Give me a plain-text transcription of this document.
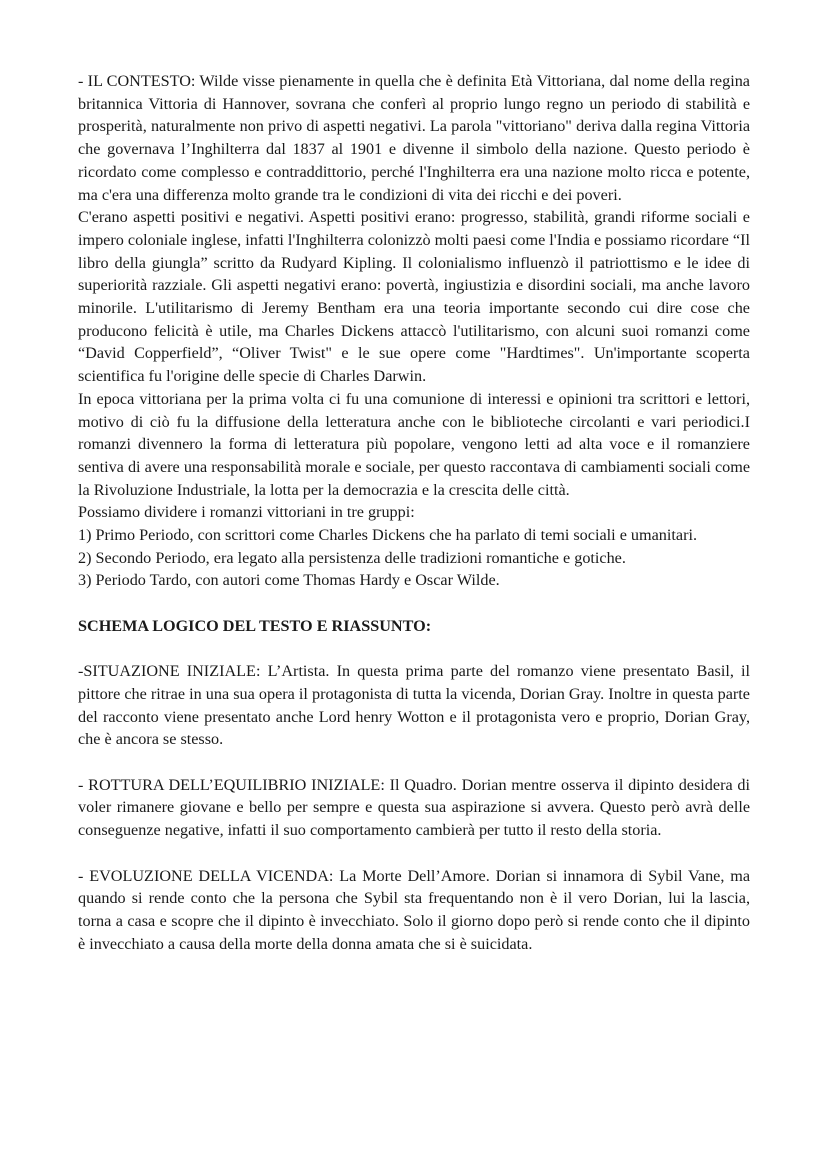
- IL CONTESTO: Wilde visse pienamente in quella che è definita Età Vittoriana, dal nome della regina britannica Vittoria di Hannover, sovrana che conferì al proprio lungo regno un periodo di stabilità e prosperità, naturalmente non privo di aspetti negativi. La parola "vittoriano" deriva dalla regina Vittoria che governava l’Inghilterra dal 1837 al 1901 e divenne il simbolo della nazione. Questo periodo è ricordato come complesso e contraddittorio, perché l'Inghilterra era una nazione molto ricca e potente, ma c'era una differenza molto grande tra le condizioni di vita dei ricchi e dei poveri.

C'erano aspetti positivi e negativi. Aspetti positivi erano: progresso, stabilità, grandi riforme sociali e impero coloniale inglese, infatti l'Inghilterra colonizzò molti paesi come l'India e possiamo ricordare “Il libro della giungla” scritto da Rudyard Kipling. Il colonialismo influenzò il patriottismo e le idee di superiorità razziale. Gli aspetti negativi erano: povertà, ingiustizia e disordini sociali, ma anche lavoro minorile. L'utilitarismo di Jeremy Bentham era una teoria importante secondo cui dire cose che producono felicità è utile, ma Charles Dickens attaccò l'utilitarismo, con alcuni suoi romanzi come “David Copperfield”, “Oliver Twist" e le sue opere come "Hardtimes". Un'importante scoperta scientifica fu l'origine delle specie di Charles Darwin.

In epoca vittoriana per la prima volta ci fu una comunione di interessi e opinioni tra scrittori e lettori, motivo di ciò fu la diffusione della letteratura anche con le biblioteche circolanti e vari periodici.I romanzi divennero la forma di letteratura più popolare, vengono letti ad alta voce e il romanziere sentiva di avere una responsabilità morale e sociale, per questo raccontava di cambiamenti sociali come la Rivoluzione Industriale, la lotta per la democrazia e la crescita delle città.

Possiamo dividere i romanzi vittoriani in tre gruppi:

1) Primo Periodo, con scrittori come Charles Dickens che ha parlato di temi sociali e umanitari.

2) Secondo Periodo, era legato alla persistenza delle tradizioni romantiche e gotiche.

3) Periodo Tardo, con autori come Thomas Hardy e Oscar Wilde.

SCHEMA LOGICO DEL TESTO E RIASSUNTO:

-SITUAZIONE INIZIALE: L’Artista. In questa prima parte del romanzo viene presentato Basil, il pittore che ritrae in una sua opera il protagonista di tutta la vicenda, Dorian Gray. Inoltre in questa parte del racconto viene presentato anche Lord henry Wotton e il protagonista vero e proprio, Dorian Gray, che è ancora se stesso.

- ROTTURA DELL’EQUILIBRIO INIZIALE: Il Quadro. Dorian mentre osserva il dipinto desidera di voler rimanere giovane e bello per sempre e questa sua aspirazione si avvera. Questo però avrà delle conseguenze negative, infatti il suo comportamento cambierà per tutto il resto della storia.

- EVOLUZIONE DELLA VICENDA: La Morte Dell’Amore. Dorian si innamora di Sybil Vane, ma quando si rende conto che la persona che Sybil sta frequentando non è il vero Dorian, lui la lascia, torna a casa e scopre che il dipinto è invecchiato. Solo il giorno dopo però si rende conto che il dipinto è invecchiato a causa della morte della donna amata che si è suicidata.
